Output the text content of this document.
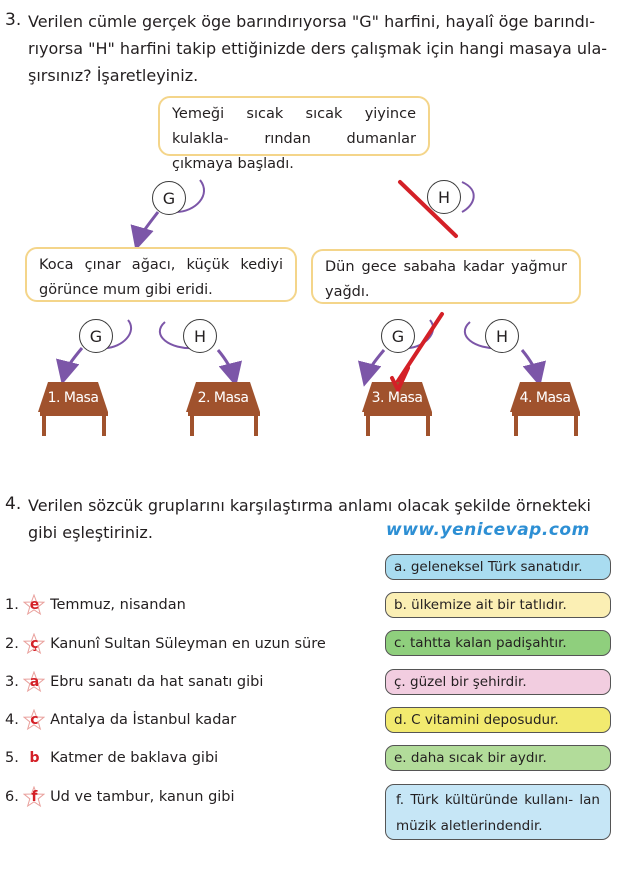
3. Verilen cümle gerçek öge barındırıyorsa "G" harfini, hayalî öge barındı-
rıyorsa "H" harfini takip ettiğinizde ders çalışmak için hangi masaya ula-
şırsınız? İşaretleyiniz.
Yemeği sıcak sıcak yiyince kulakla- rından dumanlar çıkmaya başladı.
G	H
G	H	G	H
Koca çınar ağacı, küçük kediyi görünce mum gibi eridi.
Dün gece sabaha kadar yağmur yağdı.
1. Masa	2. Masa	3. Masa	4. Masa
4. Verilen sözcük gruplarını karşılaştırma anlamı olacak şekilde örnekteki
gibi eşleştiriniz.	www.yenicevap.com
1. e Temmuz, nisandan
2. ç Kanunî Sultan Süleyman en uzun süre
3. a Ebru sanatı da hat sanatı gibi
4. c Antalya da İstanbul kadar
5. b Katmer de baklava gibi
6. f Ud ve tambur, kanun gibi
a. geleneksel Türk sanatıdır.
b. ülkemize ait bir tatlıdır.
c. tahtta kalan padişahtır.
ç. güzel bir şehirdir.
d. C vitamini deposudur.
e. daha sıcak bir aydır.
f. Türk kültüründe kullanı- lan müzik aletlerindendir.
